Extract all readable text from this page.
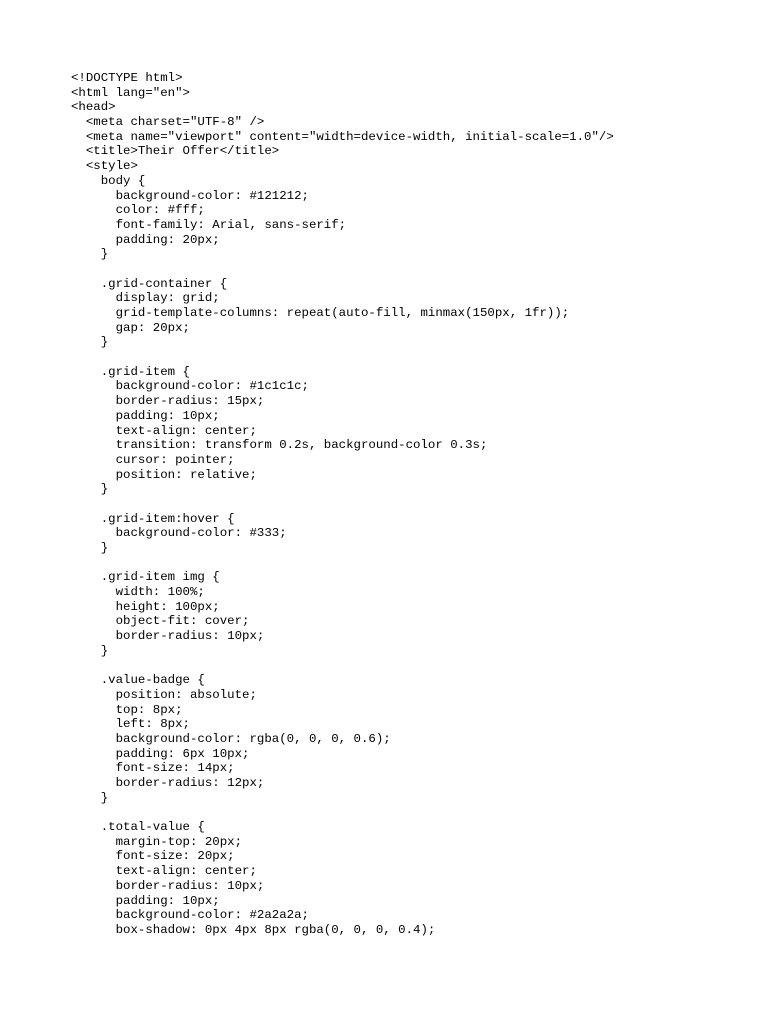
<!DOCTYPE html>
<html lang="en">
<head>
<meta charset="UTF-8" />
<meta name="viewport" content="width=device-width, initial-scale=1.0"/>
<title>Their Offer</title>
<style>
body {
background-color: #121212;
color: #fff;
font-family: Arial, sans-serif;
padding: 20px;
}
.grid-container {
display: grid;
grid-template-columns: repeat(auto-fill, minmax(150px, 1fr));
gap: 20px;
}
.grid-item {
background-color: #1c1c1c;
border-radius: 15px;
padding: 10px;
text-align: center;
transition: transform 0.2s, background-color 0.3s;
cursor: pointer;
position: relative;
}
.grid-item:hover {
background-color: #333;
}
.grid-item img {
width: 100%;
height: 100px;
object-fit: cover;
border-radius: 10px;
}
.value-badge {
position: absolute;
top: 8px;
left: 8px;
background-color: rgba(0, 0, 0, 0.6);
padding: 6px 10px;
font-size: 14px;
border-radius: 12px;
}
.total-value {
margin-top: 20px;
font-size: 20px;
text-align: center;
border-radius: 10px;
padding: 10px;
background-color: #2a2a2a;
box-shadow: 0px 4px 8px rgba(0, 0, 0, 0.4);
